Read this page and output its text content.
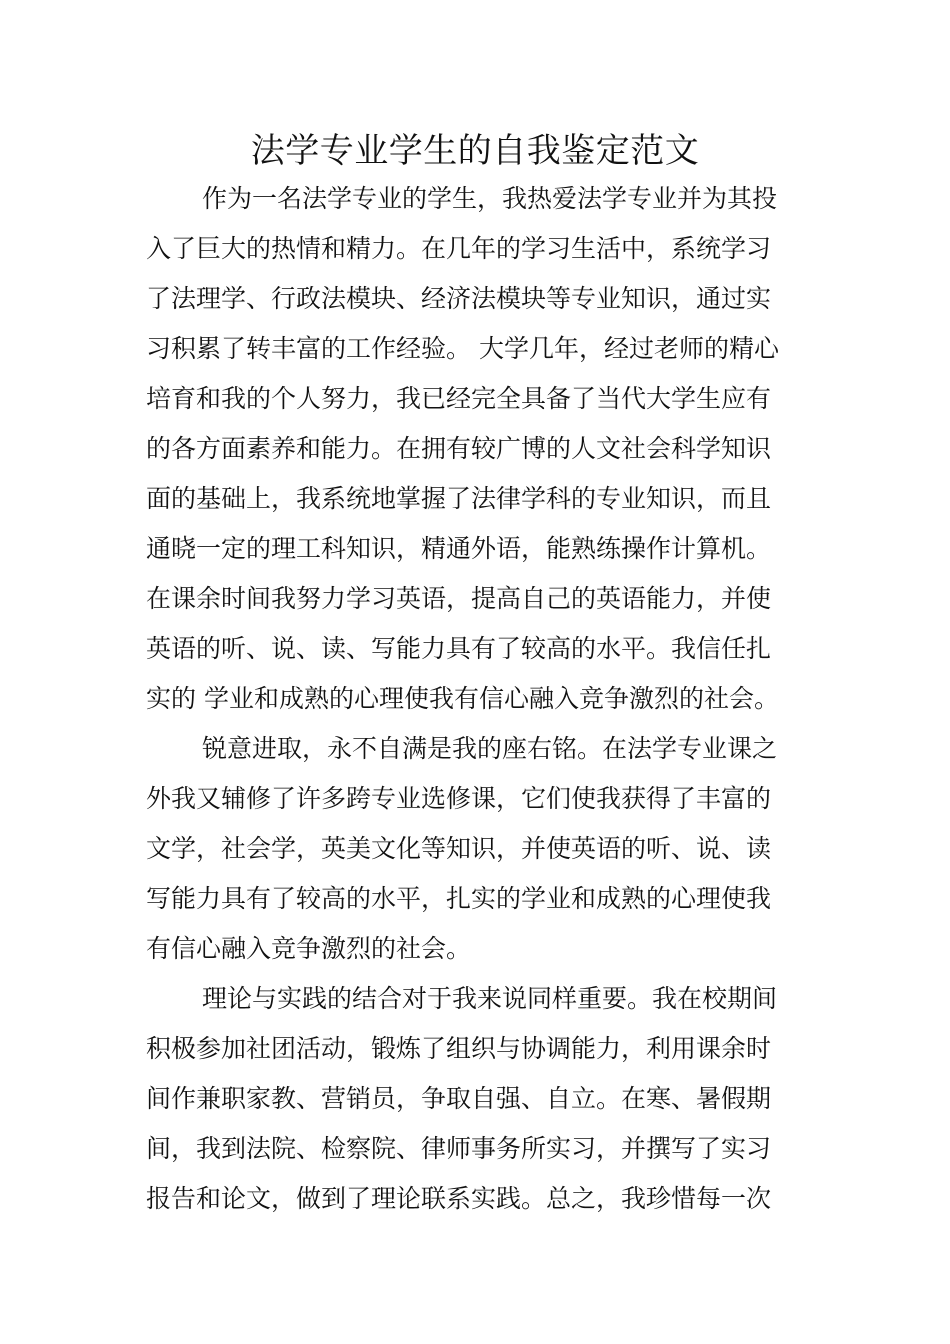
法学专业学生的自我鉴定范文

作为一名法学专业的学生，我热爱法学专业并为其投

入了巨大的热情和精力。在几年的学习生活中，系统学习

了法理学、行政法模块、经济法模块等专业知识，通过实

习积累了转丰富的工作经验。 大学几年，经过老师的精心

培育和我的个人努力，我已经完全具备了当代大学生应有

的各方面素养和能力。在拥有较广博的人文社会科学知识

面的基础上，我系统地掌握了法律学科的专业知识，而且

通晓一定的理工科知识，精通外语，能熟练操作计算机。

在课余时间我努力学习英语，提高自己的英语能力，并使

英语的听、说、读、写能力具有了较高的水平。我信任扎

实的 学业和成熟的心理使我有信心融入竞争激烈的社会。

锐意进取，永不自满是我的座右铭。在法学专业课之

外我又辅修了许多跨专业选修课，它们使我获得了丰富的

文学，社会学，英美文化等知识，并使英语的听、说、读

写能力具有了较高的水平，扎实的学业和成熟的心理使我

有信心融入竞争激烈的社会。

理论与实践的结合对于我来说同样重要。我在校期间

积极参加社团活动，锻炼了组织与协调能力，利用课余时

间作兼职家教、营销员，争取自强、自立。在寒、暑假期

间，我到法院、检察院、律师事务所实习，并撰写了实习

报告和论文，做到了理论联系实践。总之，我珍惜每一次
